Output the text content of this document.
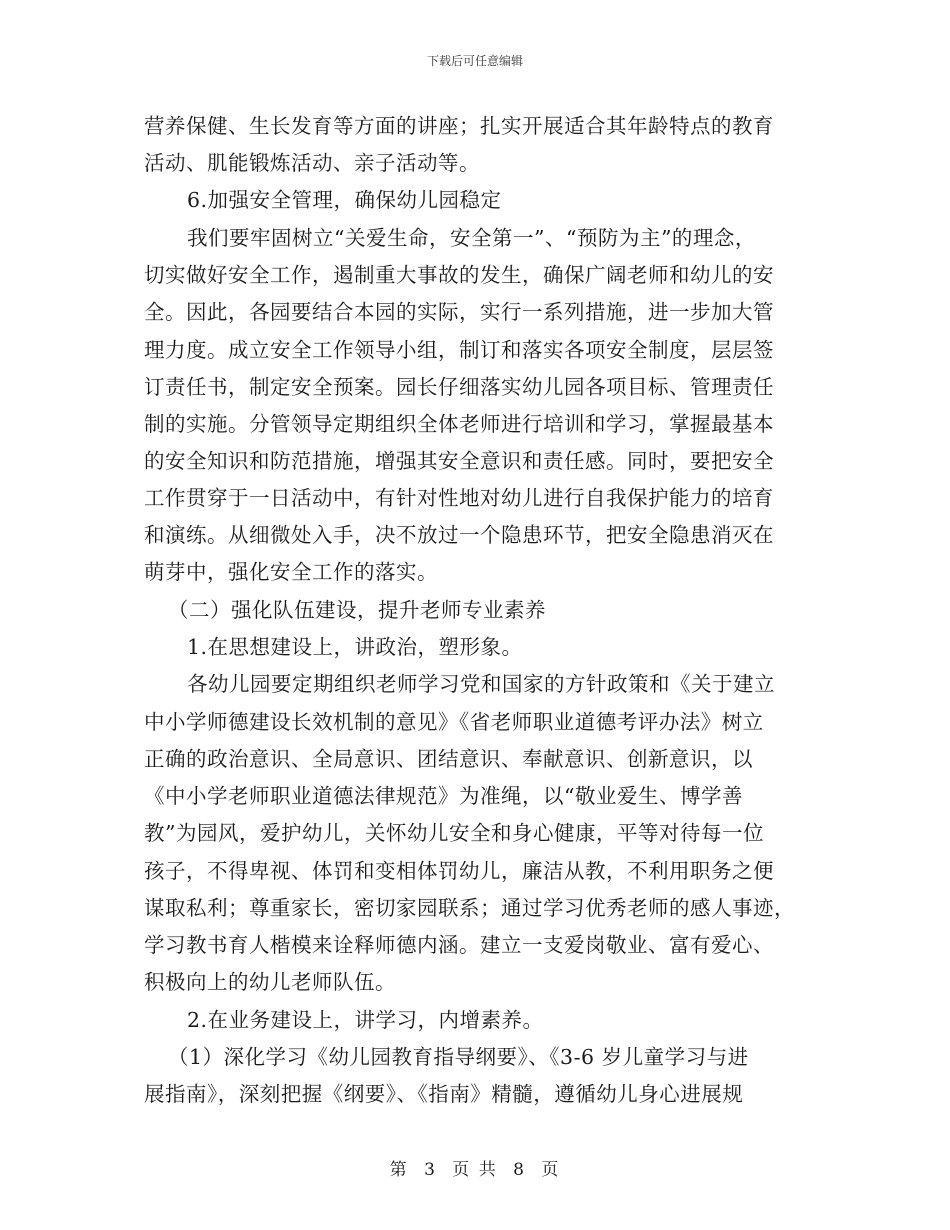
下载后可任意编辑
营养保健、生长发育等方面的讲座；扎实开展适合其年龄特点的教育
活动、肌能锻炼活动、亲子活动等。
6.加强安全管理，确保幼儿园稳定
我们要牢固树立“关爱生命，安全第一”、“预防为主”的理念，
切实做好安全工作，遏制重大事故的发生，确保广阔老师和幼儿的安
全。因此，各园要结合本园的实际，实行一系列措施，进一步加大管
理力度。成立安全工作领导小组，制订和落实各项安全制度，层层签
订责任书，制定安全预案。园长仔细落实幼儿园各项目标、管理责任
制的实施。分管领导定期组织全体老师进行培训和学习，掌握最基本
的安全知识和防范措施，增强其安全意识和责任感。同时，要把安全
工作贯穿于一日活动中，有针对性地对幼儿进行自我保护能力的培育
和演练。从细微处入手，决不放过一个隐患环节，把安全隐患消灭在
萌芽中，强化安全工作的落实。
（二）强化队伍建设，提升老师专业素养
1.在思想建设上，讲政治，塑形象。
各幼儿园要定期组织老师学习党和国家的方针政策和《关于建立
中小学师德建设长效机制的意见》《省老师职业道德考评办法》树立
正确的政治意识、全局意识、团结意识、奉献意识、创新意识，以
《中小学老师职业道德法律规范》为准绳，以“敬业爱生、博学善
教”为园风，爱护幼儿，关怀幼儿安全和身心健康，平等对待每一位
孩子，不得卑视、体罚和变相体罚幼儿，廉洁从教，不利用职务之便
谋取私利；尊重家长，密切家园联系；通过学习优秀老师的感人事迹，
学习教书育人楷模来诠释师德内涵。建立一支爱岗敬业、富有爱心、
积极向上的幼儿老师队伍。
2.在业务建设上，讲学习，内增素养。
（1）深化学习《幼儿园教育指导纲要》、《3-6 岁儿童学习与进
展指南》，深刻把握《纲要》、《指南》精髓，遵循幼儿身心进展规
第 3 页 共 8 页
